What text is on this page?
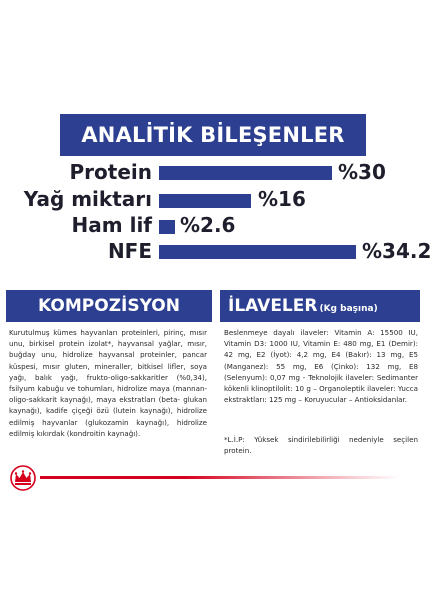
ANALİTİK BİLEŞENLER
Protein	%30
Yağ miktarı	%16
Ham lif %2.6
NFE	%34.2
KOMPOZİSYON
Kurutulmuş kümes hayvanları proteinleri, pirinç, mısır unu, birkisel protein izolat*, hayvansal yağlar, mısır, buğday unu, hidrolize hayvansal proteinler, pancar küspesi, mısır gluten, mineraller, bitkisel lifler, soya yağı, balık yağı, frukto-oligo-sakkaritler (%0,34), fsilyum kabuğu ve tohumları, hidrolize maya (mannan-oligo-sakkarit kaynağı), maya ekstratları (beta- glukan kaynağı), kadife çiçeği özü (lutein kaynağı), hidrolize edilmiş hayvanlar (glukozamin kaynağı), hidrolize edilmiş kıkırdak (kondroitin kaynağı).
İLAVELER (Kg başına)
Beslenmeye dayalı ilaveler: Vitamin A: 15500 IU, Vitamin D3: 1000 IU, Vitamin E: 480 mg, E1 (Demir): 42 mg, E2 (İyot): 4,2 mg, E4 (Bakır): 13 mg, E5 (Manganez): 55 mg, E6 (Çinko): 132 mg, E8 (Selenyum): 0,07 mg - Teknolojik ilaveler: Sedimanter kökenli klinoptilolit: 10 g – Organoleptik ilaveler: Yucca ekstraktları: 125 mg – Koruyucular – Antioksidanlar.
*L.İ.P: Yüksek sindirilebilirliği nedeniyle seçilen protein.
